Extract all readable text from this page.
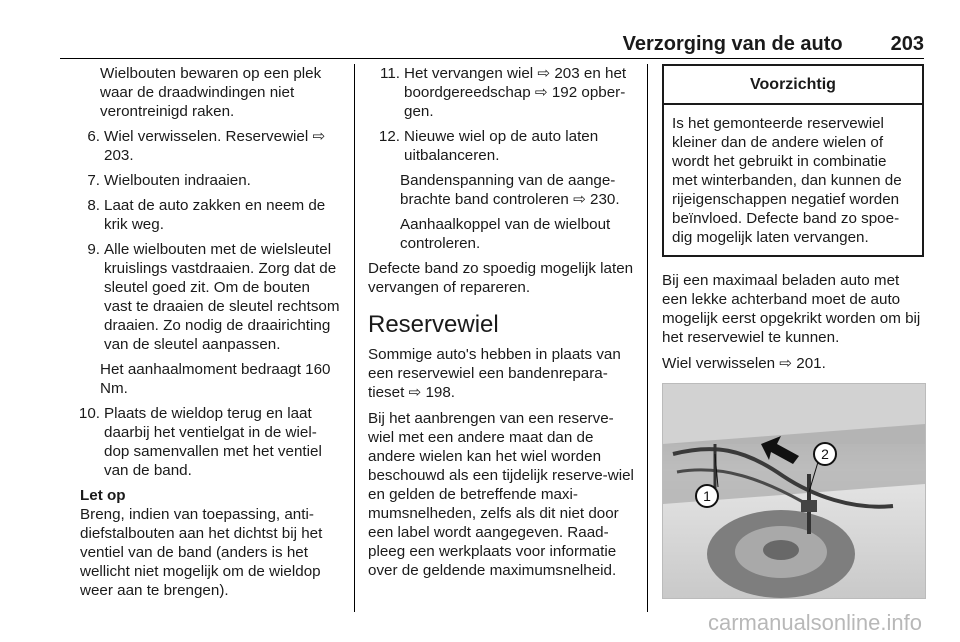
Verzorging van de auto 203
Wielbouten bewaren op een plek waar de draadwindingen niet verontreinigd raken.
6. Wiel verwisselen. Reservewiel ⇨ 203.
7. Wielbouten indraaien.
8. Laat de auto zakken en neem de krik weg.
9. Alle wielbouten met de wielsleutel kruislings vastdraaien. Zorg dat de sleutel goed zit. Om de bouten vast te draaien de sleutel rechtsom draaien. Zo nodig de draairichting van de sleutel aanpassen.
Het aanhaalmoment bedraagt 160 Nm.
10. Plaats de wieldop terug en laat daarbij het ventielgat in de wiel-dop samenvallen met het ventiel van de band.
Let op
Breng, indien van toepassing, anti-diefstalbouten aan het dichtst bij het ventiel van de band (anders is het wellicht niet mogelijk om de wieldop weer aan te brengen).
11. Het vervangen wiel ⇨ 203 en het boordgereedschap ⇨ 192 opber-gen.
12. Nieuwe wiel op de auto laten uitbalanceren.
Bandenspanning van de aange-brachte band controleren ⇨ 230.
Aanhaalkoppel van de wielbout controleren.
Defecte band zo spoedig mogelijk laten vervangen of repareren.
Reservewiel
Sommige auto's hebben in plaats van een reservewiel een bandenrepara-tieset ⇨ 198.
Bij het aanbrengen van een reserve-wiel met een andere maat dan de andere wielen kan het wiel worden beschouwd als een tijdelijk reserve-wiel en gelden de betreffende maxi-mumsnelheden, zelfs als dit niet door een label wordt aangegeven. Raad-pleeg een werkplaats voor informatie over de geldende maximumsnelheid.
Voorzichtig
Is het gemonteerde reservewiel kleiner dan de andere wielen of wordt het gebruikt in combinatie met winterbanden, dan kunnen de rijeigenschappen negatief worden beïnvloed. Defecte band zo spoe-dig mogelijk laten vervangen.
Bij een maximaal beladen auto met een lekke achterband moet de auto mogelijk eerst opgekrikt worden om bij het reservewiel te kunnen.
Wiel verwisselen ⇨ 201.
1
2
carmanualsonline.info
